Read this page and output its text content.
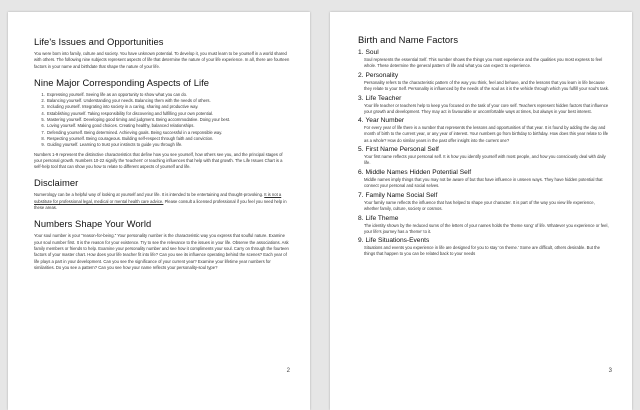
Life's Issues and Opportunities

You were born into family, culture and society. You have unknown potential. To develop it, you must learn to be yourself in a world shared with others. The following nine subjects represent aspects of life that determine the nature of your life experience. In all, there are fourteen factors in your name and birthdate that shape the nature of your life.

Nine Major Corresponding Aspects of Life
1. Expressing yourself. Seeing life as an opportunity to show what you can do.
2. Balancing yourself. Understanding your needs. Balancing them with the needs of others.
3. Including yourself. Integrating into society in a caring, sharing and productive way.
4. Establishing yourself. Taking responsibility for discovering and fulfilling your own potential.
5. Mastering yourself. Developing good timing and judgment. Being accommodative. Doing your best.
6. Loving yourself. Making good choices. Creating healthy, balanced relationships.
7. Defending yourself. Being determined. Achieving goals. Being successful in a responsible way.
8. Respecting yourself. Being courageous. Building self-respect through faith and conviction.
9. Guiding yourself. Learning to trust your instincts to guide you through life.

Numbers 1-9 represent the distinctive characteristics that define how you see yourself, how others see you, and the principal stages of your personal growth. Numbers 10-22 signify the 'teachers' or teaching influences that help with that growth. The Life Issues Chart is a self-help tool that can show you how to relate to different aspects of yourself and life.

Disclaimer

Numerology can be a helpful way of looking at yourself and your life. It is intended to be entertaining and thought-provoking. It is not a substitute for professional legal, medical or mental health care advice. Please consult a licensed professional if you feel you need help in these areas.

Numbers Shape Your World

Your soul number is your "reason-for-being." Your personality number is the characteristic way you express that soulful nature. Examine your soul number first. It is the reason for your existence. Try to see the relevance to the issues in your life. Observe the associations. Ask family members or friends to help. Examine your personality number and see how it compliments your soul. Carry on through the fourteen factors of your master chart. How does your life teacher fit into life? Can you see its influence operating behind the scenes? Each year of life plays a part in your development. Can you see the significance of your current year? Examine your lifetime year numbers for similarities. Do you see a pattern? Can you see how your name reflects your personality-soul type?

2
Birth and Name Factors

1. Soul

Soul represents the essential Self. This number shows the things you most experience and the qualities you most express to feel whole. These determine the general pattern of life and what you can expect to experience.

2. Personality

Personality refers to the characteristic pattern of the way you think, feel and behave, and the lessons that you learn in life because they relate to your Self. Personality is influenced by the needs of the soul as it is the vehicle through which you fulfill your soul's task.

3. Life Teacher

Your life teacher or teachers help to keep you focused on the task of your core self. Teachers represent hidden factors that influence your growth and development. They may act in favourable or uncomfortable ways at times, but always in your best interest.

4. Year Number

For every year of life there is a number that represents the lessons and opportunities of that year. It is found by adding the day and month of birth to the current year, or any year of interest. Your numbers go from birthday to birthday. How does this year relate to life as a whole? How do similar years in the past offer insight into the current one?

5. First Name Personal Self

Your first name reflects your personal self. It is how you identify yourself with most people, and how you consciously deal with daily life.

6. Middle Names Hidden Potential Self

Middle names imply things that you may not be aware of but that have influence in unseen ways. They have hidden potential that connect your personal and social selves.

7. Family Name Social Self

Your family name reflects the influence that has helped to shape your character. It is part of the way you view life experience, whether family, culture, society or cosmos.

8. Life Theme

The identity shown by the reduced sums of the letters of your names holds the 'theme song' of life. Whatever you experience or feel, your life's journey has a 'theme' to it.

9. Life Situations-Events

Situations and events you experience in life are designed for you to stay 'on theme.' Some are difficult, others desirable. But the things that happen to you can be related back to your needs

3
